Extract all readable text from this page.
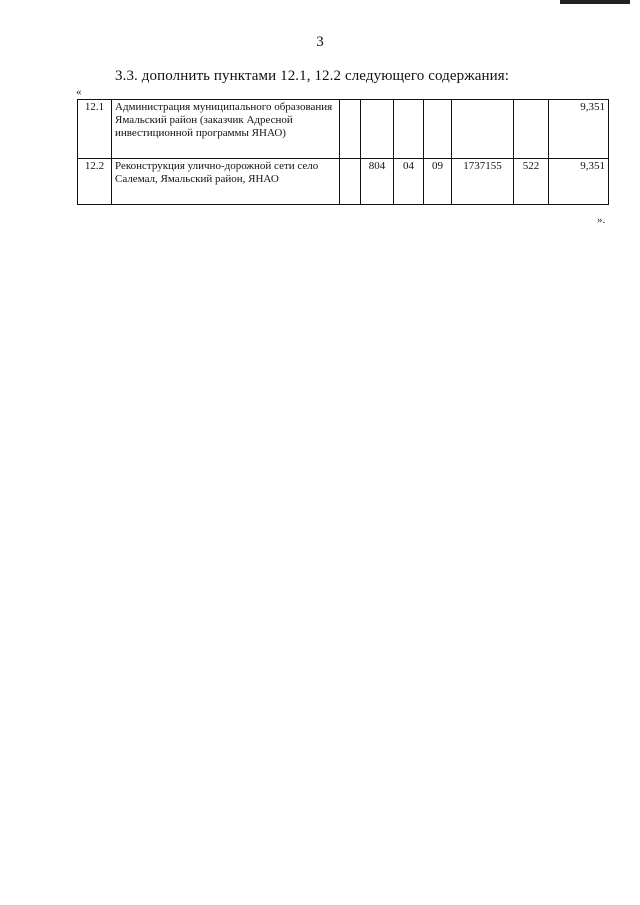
3
3.3. дополнить пунктами 12.1, 12.2 следующего содержания:
«
12.1	Администрация муниципального образования Ямальский район (заказчик Адресной инвестиционной программы ЯНАО)							9,351
12.2	Реконструкция улично-дорожной сети село Салемал, Ямальский район, ЯНАО		804	04	09	1737155	522	9,351
».
